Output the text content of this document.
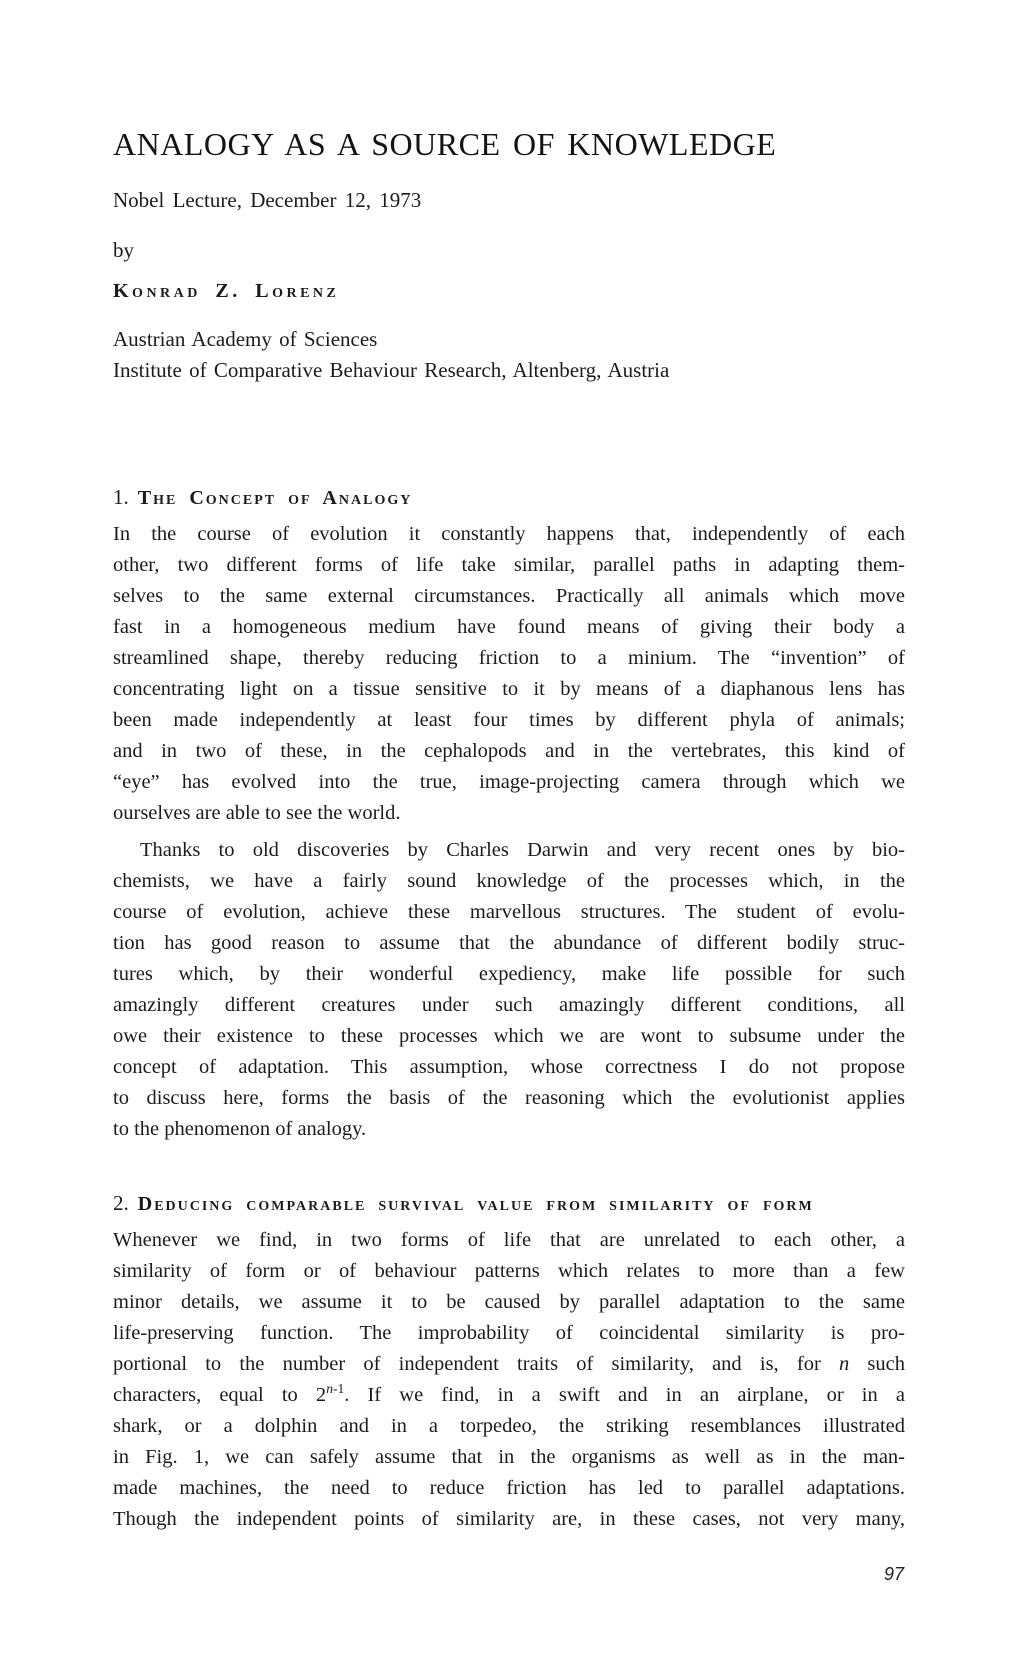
ANALOGY AS A SOURCE OF KNOWLEDGE
Nobel Lecture, December 12, 1973
by
Konrad Z. Lorenz
Austrian Academy of Sciences
Institute of Comparative Behaviour Research, Altenberg, Austria
1. The Concept of Analogy
In the course of evolution it constantly happens that, independently of each
other, two different forms of life take similar, parallel paths in adapting them-
selves to the same external circumstances. Practically all animals which move
fast in a homogeneous medium have found means of giving their body a
streamlined shape, thereby reducing friction to a minium. The “invention” of
concentrating light on a tissue sensitive to it by means of a diaphanous lens has
been made independently at least four times by different phyla of animals;
and in two of these, in the cephalopods and in the vertebrates, this kind of
“eye” has evolved into the true, image-projecting camera through which we
ourselves are able to see the world.
Thanks to old discoveries by Charles Darwin and very recent ones by bio-
chemists, we have a fairly sound knowledge of the processes which, in the
course of evolution, achieve these marvellous structures. The student of evolu-
tion has good reason to assume that the abundance of different bodily struc-
tures which, by their wonderful expediency, make life possible for such
amazingly different creatures under such amazingly different conditions, all
owe their existence to these processes which we are wont to subsume under the
concept of adaptation. This assumption, whose correctness I do not propose
to discuss here, forms the basis of the reasoning which the evolutionist applies
to the phenomenon of analogy.
2. Deducing comparable survival value from similarity of form
Whenever we find, in two forms of life that are unrelated to each other, a
similarity of form or of behaviour patterns which relates to more than a few
minor details, we assume it to be caused by parallel adaptation to the same
life-preserving function. The improbability of coincidental similarity is pro-
portional to the number of independent traits of similarity, and is, for n such
characters, equal to 2$^{n-1}$. If we find, in a swift and in an airplane, or in a
shark, or a dolphin and in a torpedeo, the striking resemblances illustrated
in Fig. 1, we can safely assume that in the organisms as well as in the man-
made machines, the need to reduce friction has led to parallel adaptations.
Though the independent points of similarity are, in these cases, not very many,
97
